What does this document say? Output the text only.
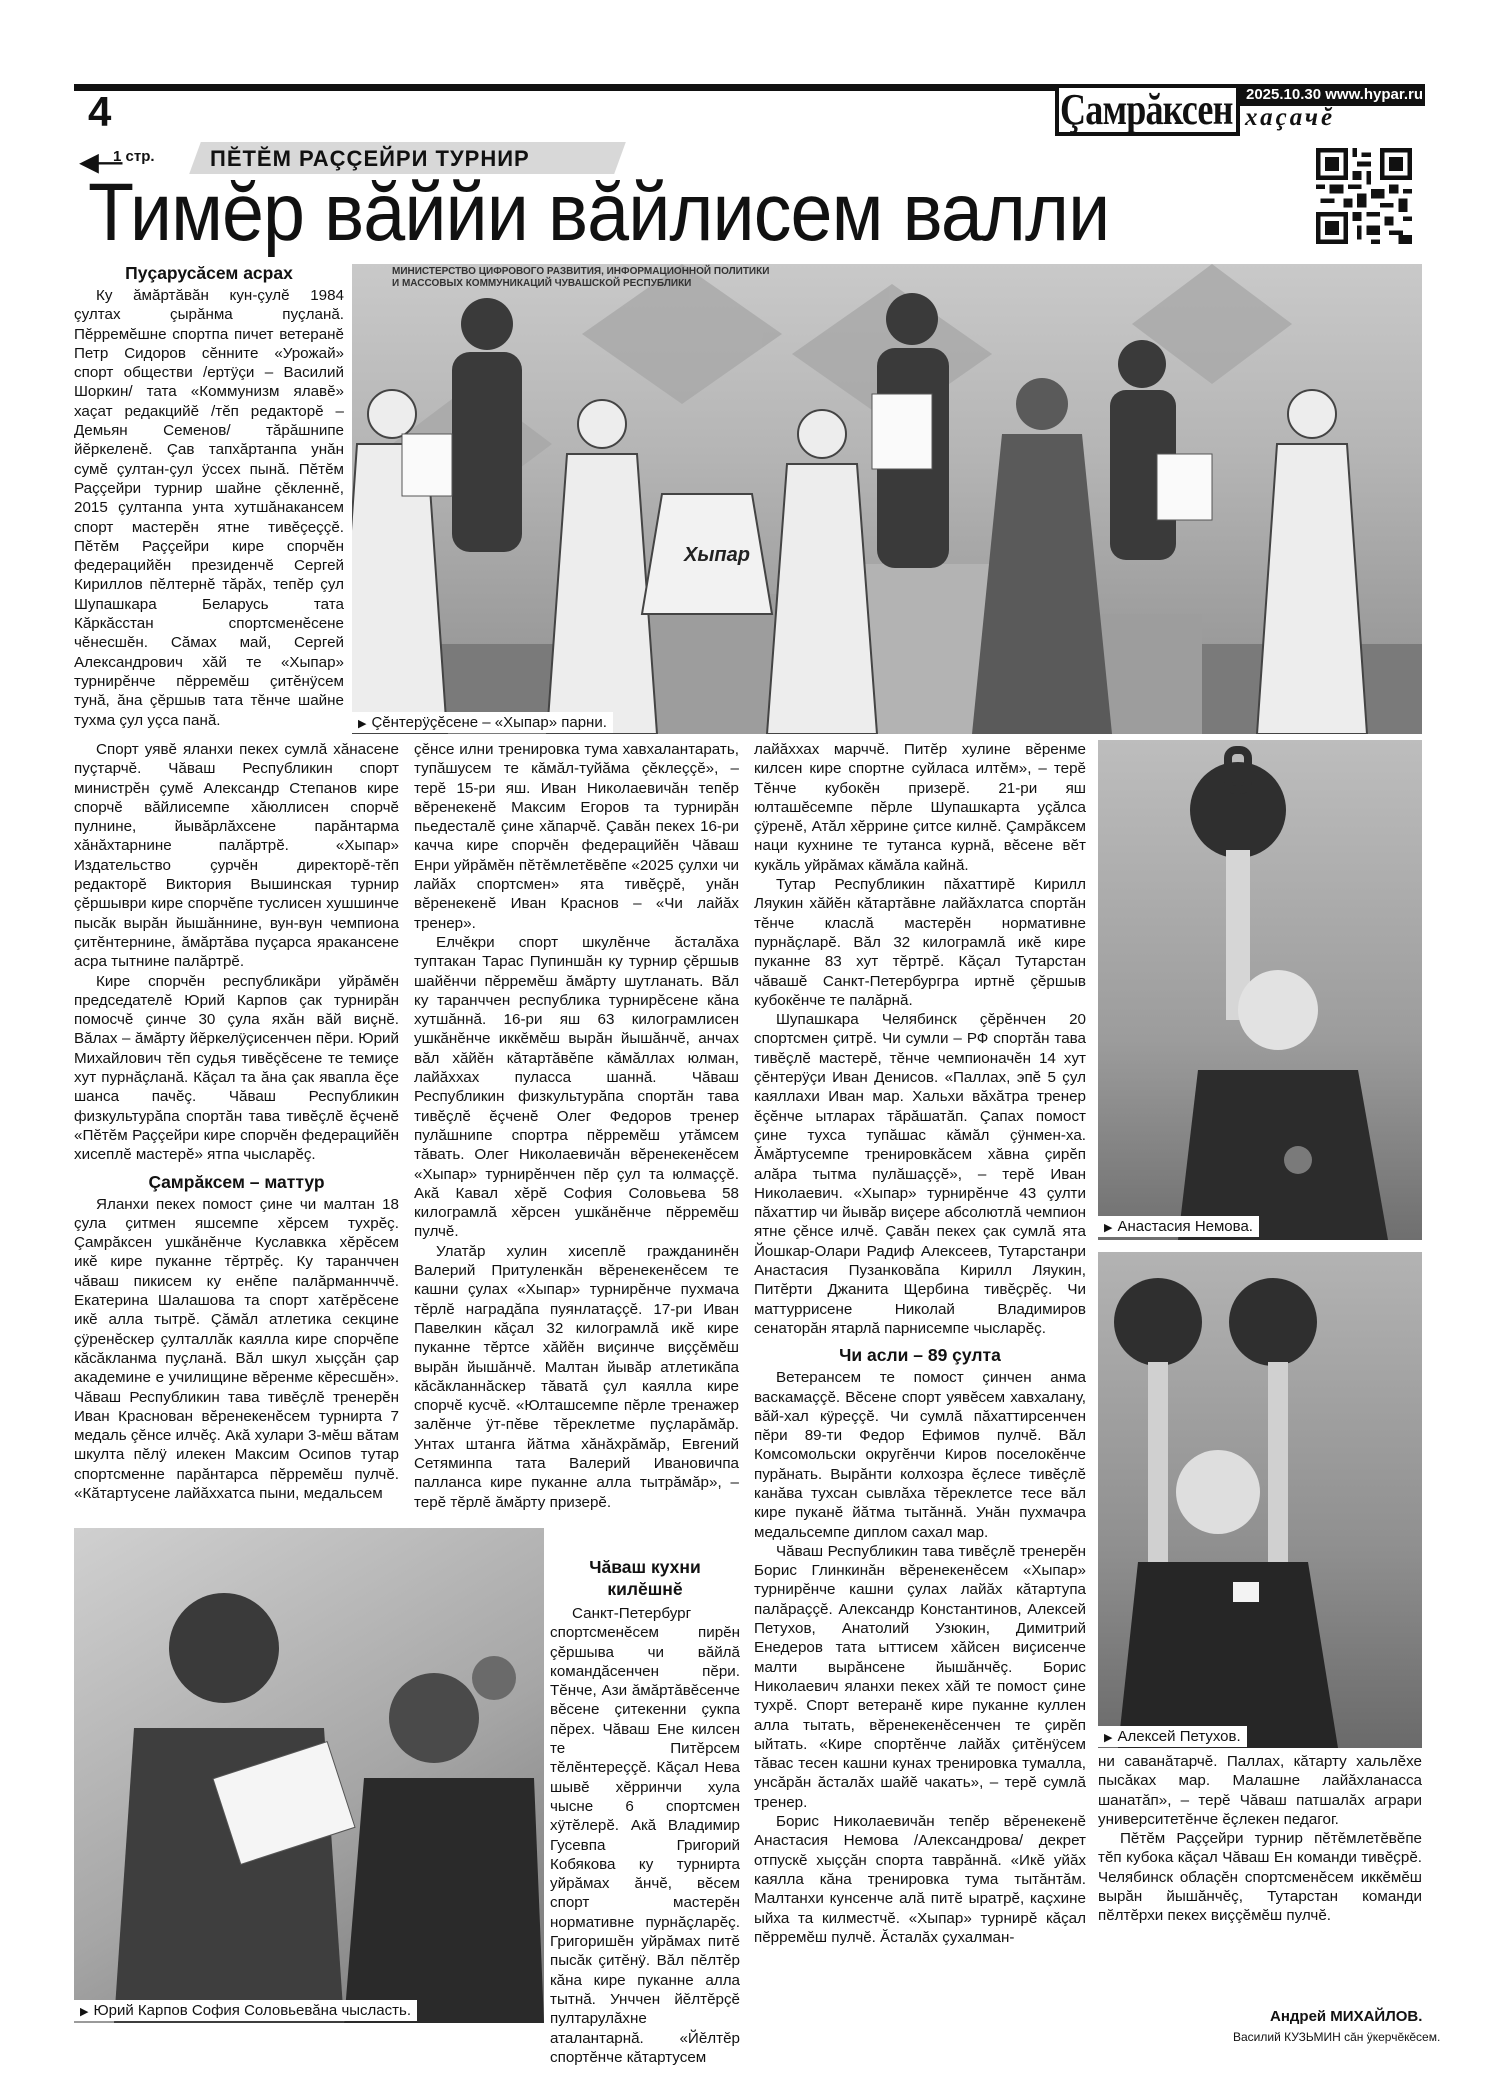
4	Çамрăксен 2025.10.30 www.hypar.ru
хаçачĕ
◀—
1 стр.	ПĔТĔМ РАÇÇЕЙРИ ТУРНИР
Тимĕр вăййи вăйлисем валли
Пуçарусăсем асрах

Ку ăмăртăвăн кун-çулĕ 1984 çултах çырăнма пуçланă. Пĕрремĕшне спортпа пичет ветеранĕ Петр Сидоров сĕнните «Урожай» спорт обществи /ертÿçи – Василий Шоркин/ тата «Коммунизм ялавĕ» хаçат редакцийĕ /тĕп редакторĕ – Демьян Семенов/ тăрăшнипе йĕркеленĕ. Çав тапхăртанпа унăн сумĕ çултан-çул ÿссех пынă. Пĕтĕм Раççейри турнир шайне çĕкленнĕ, 2015 çултанпа унта хутшăнакансем спорт мастерĕн ятне тивĕçеççĕ. Пĕтĕм Раççейри кире спорчĕн федерацийĕн президенчĕ Сергей Кириллов пĕлтернĕ тăрăх, тепĕр çул Шупашкара Беларусь тата Кăркăсстан спортсменĕсене чĕнесшĕн. Сăмах май, Сергей Александрович хăй те «Хыпар» турнирĕнче пĕрремĕш çитĕнÿсем тунă, ăна çĕршыв тата тĕнче шайне тухма çул уçса панă.

МИНИСТЕРСТВО ЦИФРОВОГО РАЗВИТИЯ, ИНФОРМАЦИОННОЙ ПОЛИТИКИ И МАССОВЫХ КОММУНИКАЦИЙ ЧУВАШСКОЙ РЕСПУБЛИКИ
Хыпар
▶ Çĕнтерÿçĕсене – «Хыпар» парни.

Спорт уявĕ яланхи пекех сумлă хăнасене пуçтарчĕ. Чăваш Республикин спорт министрĕн çумĕ Александр Степанов кире спорчĕ вăйлисемпе хăюллисен спорчĕ пулнине, йывăрлăхсене парăнтарма хăнăхтарнине палăртрĕ. «Хыпар» Издательство çурчĕн директорĕ-тĕп редакторĕ Виктория Вышинская турнир çĕршыври кире спорчĕпе туслисен хушшинче пысăк вырăн йышăннине, вун-вун чемпиона çитĕнтернине, ăмăртăва пуçарса яракансене асра тытнине палăртрĕ.

Кире спорчĕн республикăри уйрăмĕн председателĕ Юрий Карпов çак турнирăн помосчĕ çинче 30 çула яхăн вăй виçнĕ. Вăлах – ăмăрту йĕркелÿçисенчен пĕри. Юрий Михайлович тĕп судья тивĕçĕсене те темиçе хут пурнăçланă. Кăçал та ăна çак явапла ĕçе шанса пачĕç. Чăваш Республикин физкультурăпа спортăн тава тивĕçлĕ ĕçченĕ «Пĕтĕм Раççейри кире спорчĕн федерацийĕн хисеплĕ мастерĕ» ятпа чысларĕç.

Çамрăксем – маттур

Яланхи пекех помост çине чи малтан 18 çула çитмен яшсемпе хĕрсем тухрĕç. Çамрăксен ушкăнĕнче Куславкка хĕрĕсем икĕ кире пуканне тĕртрĕç. Ку таранччен чăваш пикисем ку енĕпе палăрманнччĕ. Екатерина Шалашова та спорт хатĕрĕсене икĕ алла тытрĕ. Çăмăл атлетика секцине çÿренĕскер çулталлăк каялла кире спорчĕпе кăсăкланма пуçланă. Вăл шкул хыççăн çар академине е училищине вĕренме кĕресшĕн». Чăваш Республикин тава тивĕçлĕ тренерĕн Иван Краснован вĕренекенĕсем турнирта 7 медаль çĕнсе илчĕç. Акă хулари 3-мĕш вăтам шкулта пĕлÿ илекен Максим Осипов тутар спортсменне парăнтарса пĕрремĕш пулчĕ. «Кăтартусене лайăххатса пыни, медальсем

çĕнсе илни тренировка тума хавхалантарать, тупăшусем те кăмăл-туйăма çĕклеççĕ», – терĕ 15-ри яш. Иван Николаевичăн тепĕр вĕренекенĕ Максим Егоров та турнирăн пьедесталĕ çине хăпарчĕ. Çавăн пекех 16-ри качча кире спорчĕн федерацийĕн Чăваш Енри уйрăмĕн пĕтĕмлетĕвĕпе «2025 çулхи чи лайăх спортсмен» ята тивĕçрĕ, унăн вĕренекенĕ Иван Краснов – «Чи лайăх тренер».

Елчĕкри спорт шкулĕнче ăсталăха туптакан Тарас Пупиншăн ку турнир çĕршыв шайĕнчи пĕрремĕш ăмăрту шутланать. Вăл ку таранччен республика турнирĕсене кăна хутшăннă. 16-ри яш 63 килограмлисен ушкăнĕнче иккĕмĕш вырăн йышăнчĕ, анчах вăл хăйĕн кăтартăвĕпе кăмăллах юлман, лайăххах пуласса шаннă. Чăваш Республикин физкультурăпа спортăн тава тивĕçлĕ ĕçченĕ Олег Федоров тренер пулăшнипе спортра пĕрремĕш утăмсем тăвать. Олег Николаевичăн вĕренекенĕсем «Хыпар» турнирĕнчен пĕр çул та юлмаççĕ. Акă Кавал хĕрĕ София Соловьева 58 килограмлă хĕрсен ушкăнĕнче пĕрремĕш пулчĕ.

Улатăр хулин хисеплĕ гражданинĕн Валерий Притуленкăн вĕренекенĕсем те кашни çулах «Хыпар» турнирĕнче пухмача тĕрлĕ наградăпа пуянлатаççĕ. 17-ри Иван Павелкин кăçал 32 килограмлă икĕ кире пуканне тĕртсе хăйĕн виçинче виççĕмĕш вырăн йышăнчĕ. Малтан йывăр атлетикăпа кăсăкланнăскер тăватă çул каялла кире спорчĕ кусчĕ. «Юлташсемпе пĕрле тренажер залĕнче ÿт-пĕве тĕреклетме пуçларăмăр. Унтах штанга йăтма хăнăхрăмăр, Евгений Сетяминпа тата Валерий Ивановичпа палланса кире пуканне алла тытрăмăр», – терĕ тĕрлĕ ăмăрту призерĕ.

лайăххах марччĕ. Питĕр хулине вĕренме килсен кире спортне суйласа илтĕм», – терĕ Тĕнче кубокĕн призерĕ. 21-ри яш юлташĕсемпе пĕрле Шупашкарта уçăлса çÿренĕ, Атăл хĕррине çитсе килнĕ. Çамрăксем наци кухнине те тутанса курнă, вĕсене вĕт кукăль уйрăмах кăмăла кайнă.

Тутар Республикин пăхаттирĕ Кирилл Ляукин хăйĕн кăтартăвне лайăхлатса спортăн тĕнче класлă мастерĕн нормативне пурнăçларĕ. Вăл 32 килограмлă икĕ кире пуканне 83 хут тĕртрĕ. Кăçал Тутарстан чăвашĕ Санкт-Петербургра иртнĕ çĕршыв кубокĕнче те палăрнă.

Шупашкара Челябинск çĕрĕнчен 20 спортсмен çитрĕ. Чи сумли – РФ спортăн тава тивĕçлĕ мастерĕ, тĕнче чемпионачĕн 14 хут çĕнтерÿçи Иван Денисов. «Паллах, эпĕ 5 çул каяллахи Иван мар. Хальхи вăхăтра тренер ĕçĕнче ытларах тăрăшатăп. Çапах помост çине тухса тупăшас кăмăл çÿнмен-ха. Ăмăртусемпе тренировкăсем хăвна çирĕп алăра тытма пулăшаççĕ», – терĕ Иван Николаевич. «Хыпар» турнирĕнче 43 çулти пăхаттир чи йывăр виçере абсолютлă чемпион ятне çĕнсе илчĕ. Çавăн пекех çак сумлă ята Йошкар-Олари Радиф Алексеев, Тутарстанри Анастасия Пузанковăпа Кирилл Ляукин, Питĕрти Джанита Щербина тивĕçрĕç. Чи маттуррисене Николай Владимиров сенаторăн ятарлă парнисемпе чысларĕç.

Чи асли – 89 çулта

Ветерансем те помост çинчен анма васкамаççĕ. Вĕсене спорт уявĕсем хавхалану, вăй-хал кÿреççĕ. Чи сумлă пăхаттирсенчен пĕри 89-ти Федор Ефимов пулчĕ. Вăл Комсомольски округĕнчи Киров поселокĕнче пурăнать. Вырăнти колхозра ĕçлесе тивĕçлĕ канăва тухсан сывлăха тĕреклетсе тесе вăл кире пуканĕ йăтма тытăннă. Унăн пухмачра медальсемпе диплом сахал мар.

Чăваш Республикин тава тивĕçлĕ тренерĕн Борис Глинкинăн вĕренекенĕсем «Хыпар» турнирĕнче кашни çулах лайăх кăтартупа палăраççĕ. Александр Константинов, Алексей Петухов, Анатолий Узюкин, Димитрий Енедеров тата ыттисем хăйсен виçисенче малти вырăнсене йышăнчĕç. Борис Николаевич яланхи пекех хăй те помост çине тухрĕ. Спорт ветеранĕ кире пуканне куллен алла тытать, вĕренекенĕсенчен те çирĕп ыйтать. «Кире спортĕнче лайăх çитĕнÿсем тăвас тесен кашни кунах тренировка тумалла, унсăрăн ăсталăх шайĕ чакать», – терĕ сумлă тренер.

Борис Николаевичăн тепĕр вĕренекенĕ Анастасия Немова /Александрова/ декрет отпускĕ хыççăн спорта таврăннă. «Икĕ уйăх каялла кăна тренировка тума тытăнтăм. Малтанхи кунсенче алă питĕ ыратрĕ, каçхине ыйха та килместчĕ. «Хыпар» турнирĕ кăçал пĕрремĕш пулчĕ. Ăсталăх çухалман-

▶ Анастасия Немова.
▶ Алексей Петухов.

ни саванăтарчĕ. Паллах, кăтарту хальлĕхе пысăках мар. Малашне лайăхланасса шанатăп», – терĕ Чăваш патшалăх аграри университетĕнче ĕçлекен педагог.

Пĕтĕм Раççейри турнир пĕтĕмлетĕвĕпе тĕп кубока кăçал Чăваш Ен команди тивĕçрĕ. Челябинск облаçĕн спортсменĕсем иккĕмĕш вырăн йышăнчĕç, Тутарстан команди пĕлтĕрхи пекех виççĕмĕш пулчĕ.

▶ Юрий Карпов София Соловьевăна чысласть.
Чăваш кухни килĕшнĕ

Санкт-Петербург спортсменĕсем пирĕн çĕршыва чи вăйлă командăсенчен пĕри. Тĕнче, Ази ăмăртăвĕсенче вĕсене çитекенни çукпа пĕрех. Чăваш Ене килсен те Питĕрсем тĕлĕнтереççĕ. Кăçал Нева шывĕ хĕрринчи хула чысне 6 спортсмен хÿтĕлерĕ. Акă Владимир Гусевпа Григорий Кобякова ку турнирта уйрăмах ăнчĕ, вĕсем спорт мастерĕн нормативне пурнăçларĕç. Григоришĕн уйрăмах питĕ пысăк çитĕнÿ. Вăл пĕлтĕр кăна кире пуканне алла тытнă. Унччен йĕлтĕрçĕ пултарулăхне аталантарнă. «Йĕлтĕр спортĕнче кăтартусем

Андрей МИХАЙЛОВ.
Василий КУЗЬМИН сăн ÿкерчĕкĕсем.
